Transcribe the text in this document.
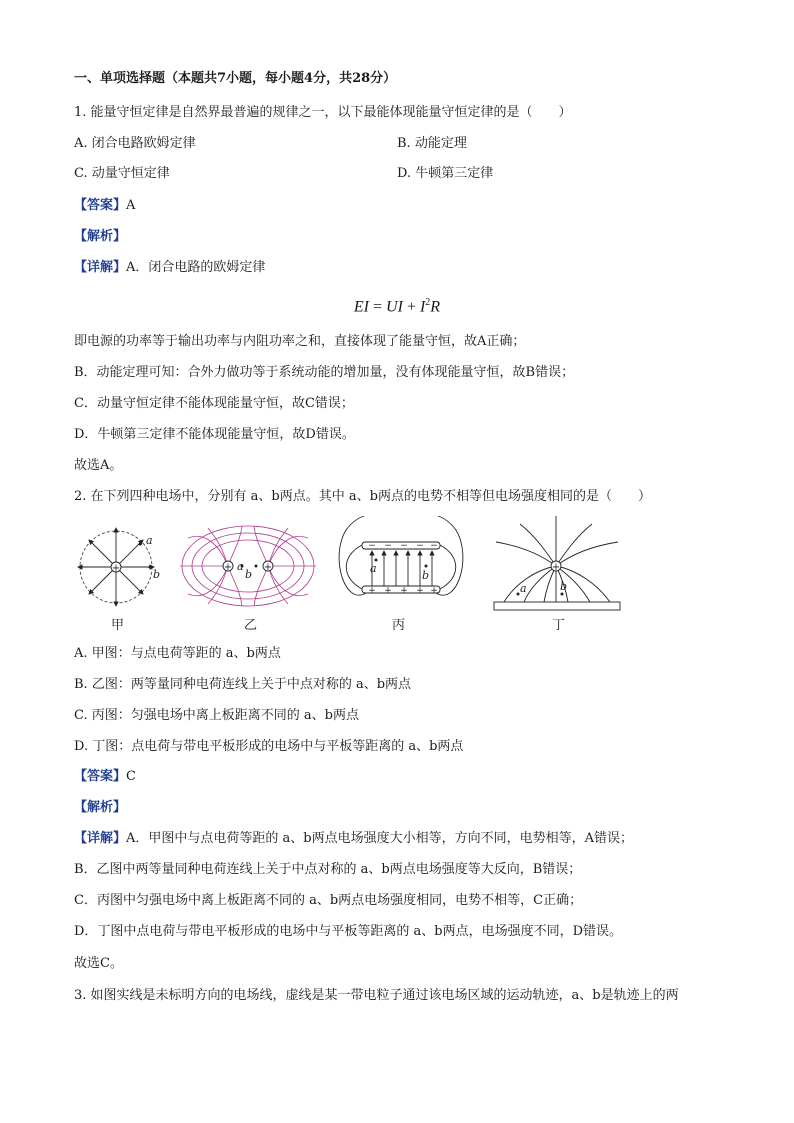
一、单项选择题（本题共7小题，每小题4分，共28分）
1. 能量守恒定律是自然界最普遍的规律之一，以下最能体现能量守恒定律的是（　　）
A. 闭合电路欧姆定律	B. 动能定理
C. 动量守恒定律	D. 牛顿第三定律
【答案】A
【解析】
【详解】A．闭合电路的欧姆定律
EI = UI + $I^2R$
即电源的功率等于输出功率与内阻功率之和，直接体现了能量守恒，故A正确；
B．动能定理可知：合外力做功等于系统动能的增加量，没有体现能量守恒，故B错误；
C．动量守恒定律不能体现能量守恒，故C错误；
D．牛顿第三定律不能体现能量守恒，故D错误。
故选A。
2. 在下列四种电场中，分别有 a、b两点。其中 a、b两点的电势不相等但电场强度相同的是（　　）
+
a
b
甲
+	+
a
b
乙
− − − − −
+ + + + +
a
b
丙
+
a	b
丁
A. 甲图：与点电荷等距的 a、b两点
B. 乙图：两等量同种电荷连线上关于中点对称的 a、b两点
C. 丙图：匀强电场中离上板距离不同的 a、b两点
D. 丁图：点电荷与带电平板形成的电场中与平板等距离的 a、b两点
【答案】C
【解析】
【详解】A．甲图中与点电荷等距的 a、b两点电场强度大小相等，方向不同，电势相等，A错误；
B．乙图中两等量同种电荷连线上关于中点对称的 a、b两点电场强度等大反向，B错误；
C．丙图中匀强电场中离上板距离不同的 a、b两点电场强度相同，电势不相等，C正确；
D．丁图中点电荷与带电平板形成的电场中与平板等距离的 a、b两点，电场强度不同，D错误。
故选C。
3. 如图实线是未标明方向的电场线，虚线是某一带电粒子通过该电场区域的运动轨迹，a、b是轨迹上的两
